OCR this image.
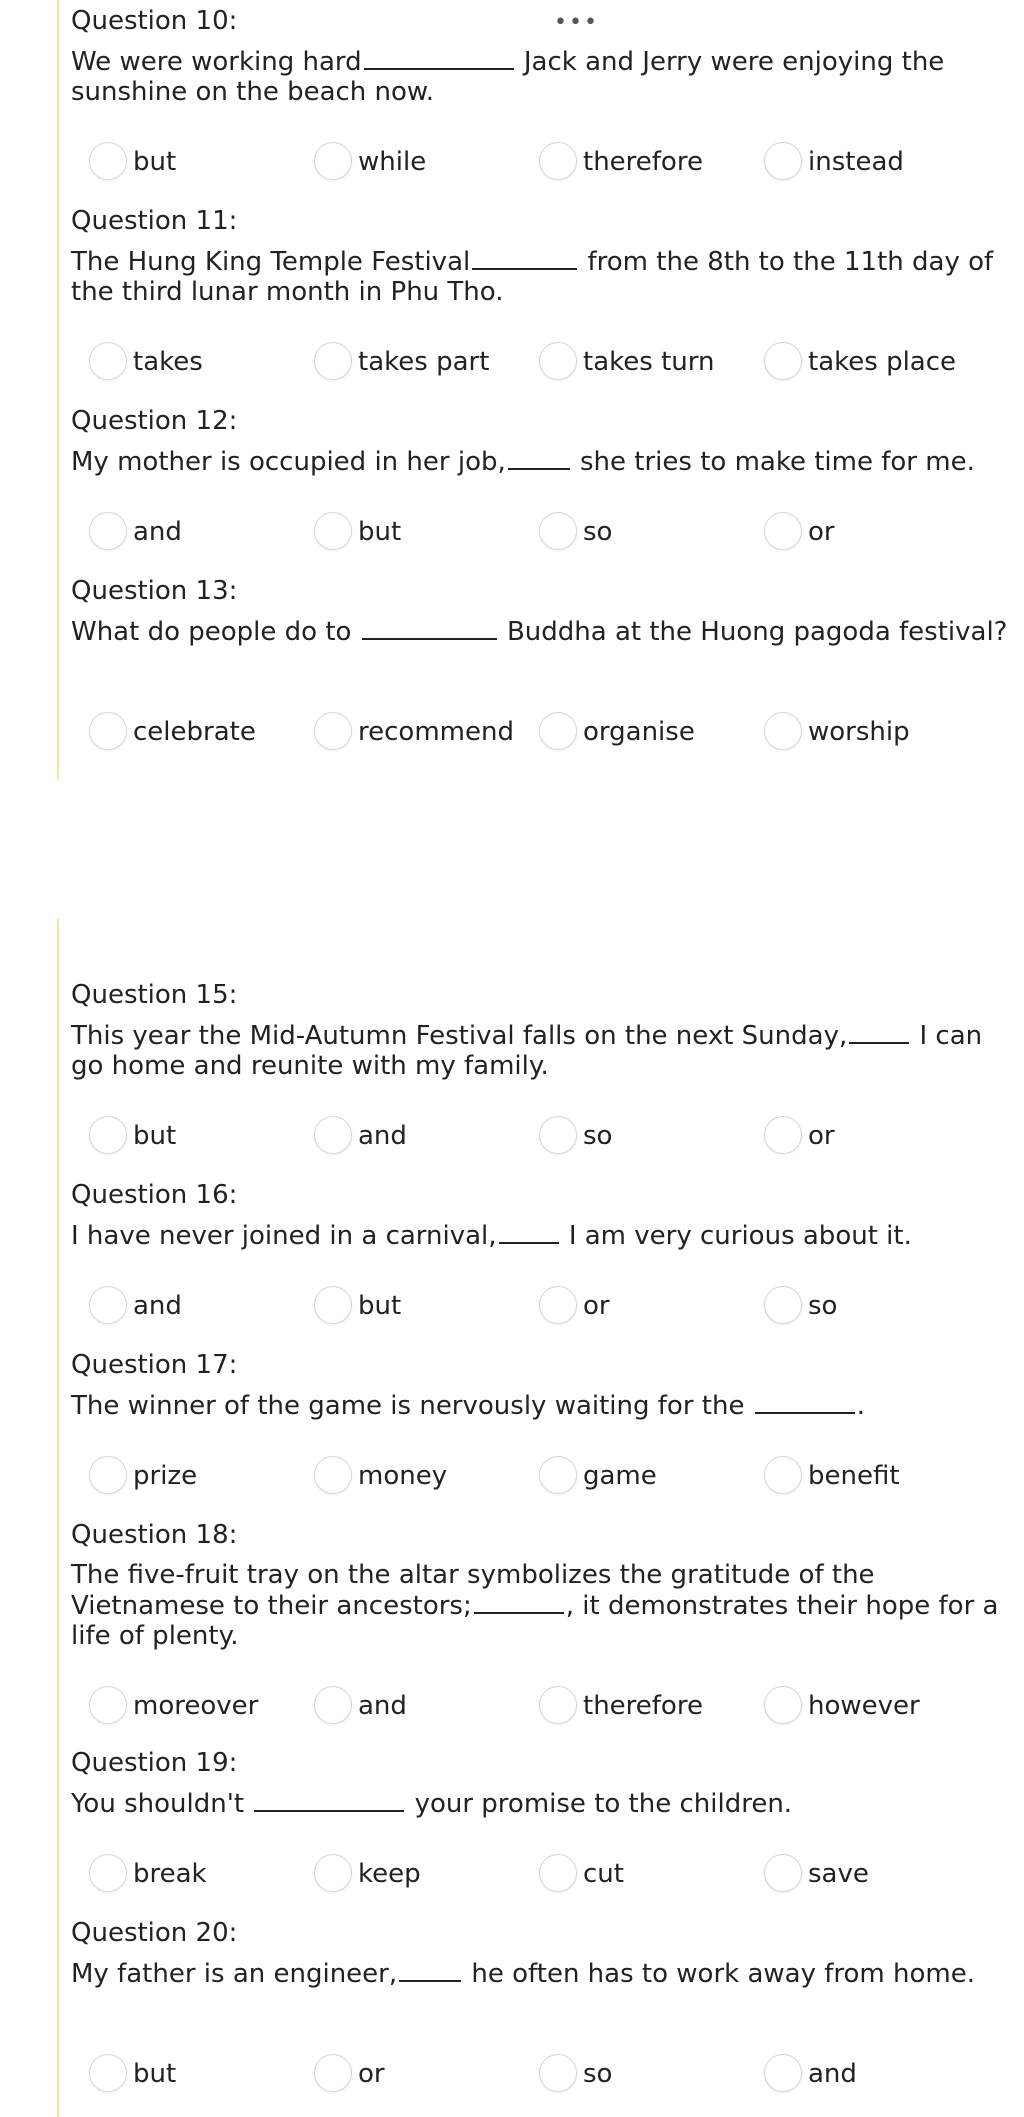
•••
Question 10:
We were working hard	Jack and Jerry were enjoying the sunshine on the beach now.
but	while	therefore	instead
Question 11:
The Hung King Temple Festival	from the 8th to the 11th day of the third lunar month in Phu Tho.
takes	takes part	takes turn	takes place
Question 12:
My mother is occupied in her job,	she tries to make time for me.
and	but	so	or
Question 13:
What do people do to	Buddha at the Huong pagoda festival?
celebrate	recommend	organise	worship
Question 15:
This year the Mid-Autumn Festival falls on the next Sunday,	I can go home and reunite with my family.
but	and	so	or
Question 16:
I have never joined in a carnival,	I am very curious about it.
and	but	or	so
Question 17:
The winner of the game is nervously waiting for the	.
prize	money	game	benefit
Question 18:
The five-fruit tray on the altar symbolizes the gratitude of the Vietnamese to their ancestors;	, it demonstrates their hope for a life of plenty.
moreover	and	therefore	however
Question 19:
You shouldn't	your promise to the children.
break	keep	cut	save
Question 20:
My father is an engineer,	he often has to work away from home.
but	or	so	and
